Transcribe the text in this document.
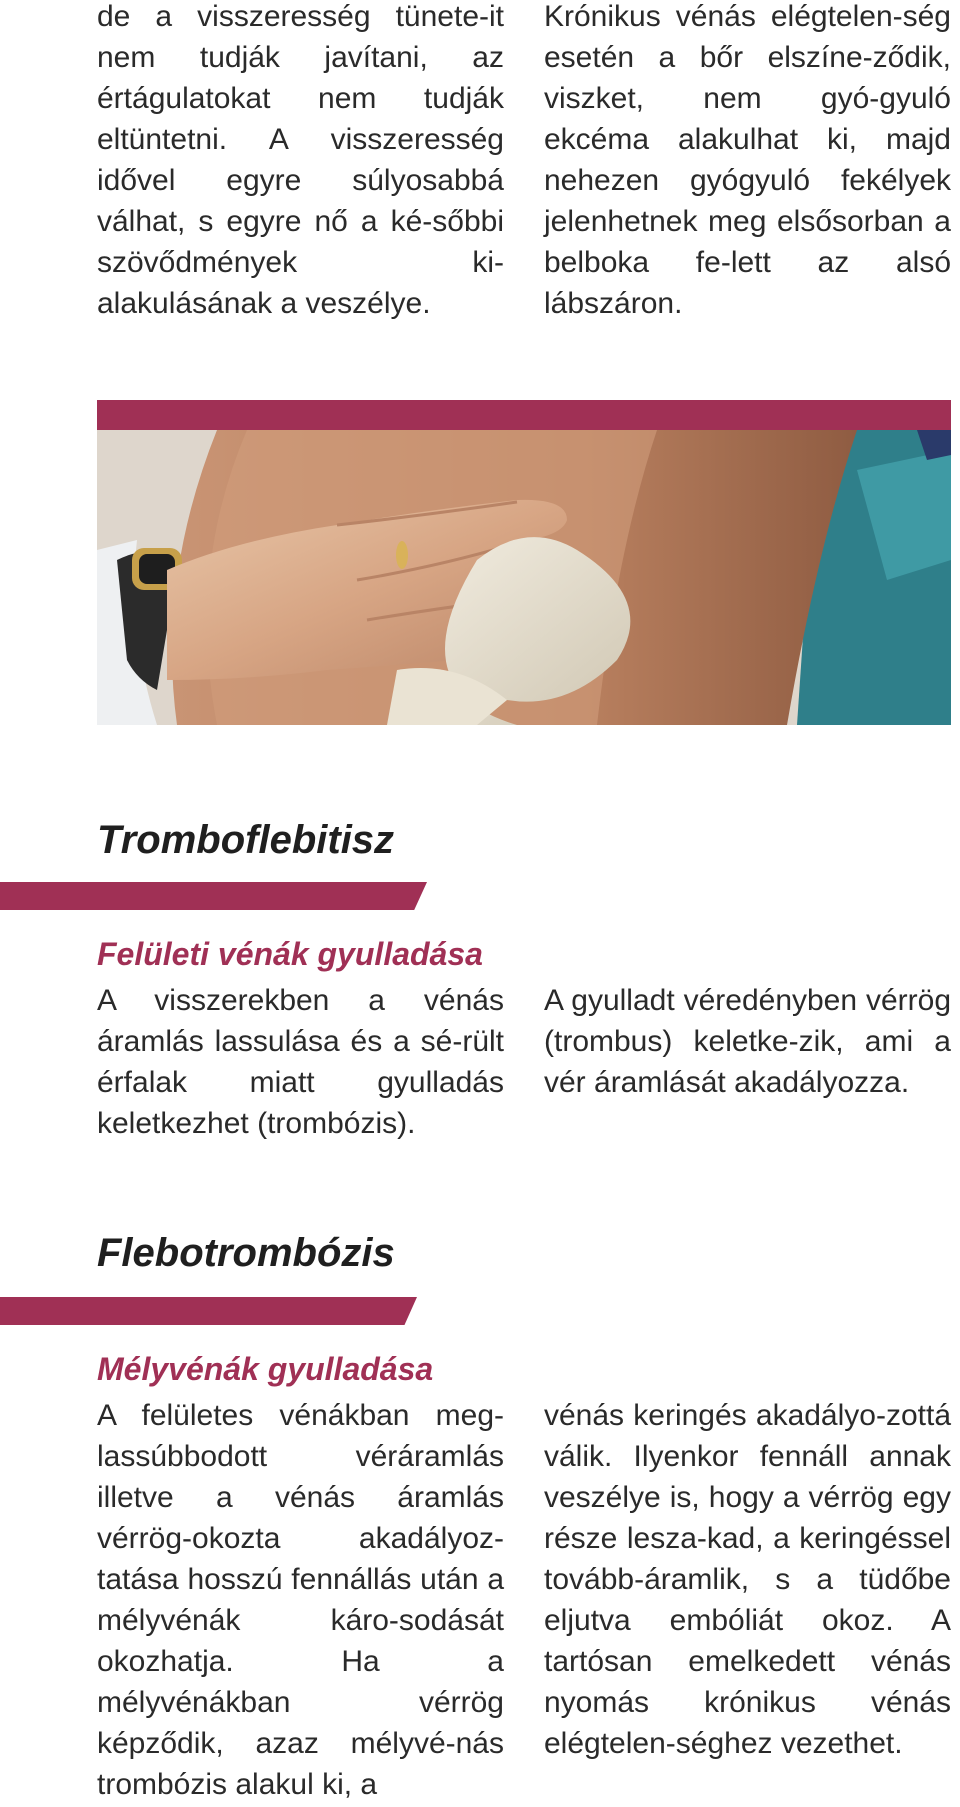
de a visszeresség tünete-it nem tudják javítani, az értágulatokat nem tudják eltüntetni. A visszeresség idővel egyre súlyosabbá válhat, s egyre nő a ké-sőbbi szövődmények ki-alakulásának a veszélye.

Krónikus vénás elégtelen-ség esetén a bőr elszíne-ződik, viszket, nem gyó-gyuló ekcéma alakulhat ki, majd nehezen gyógyuló fekélyek jelenhetnek meg elsősorban a belboka fe-lett az alsó lábszáron.

Tromboflebitisz
Felületi vénák gyulladása

A visszerekben a vénás áramlás lassulása és a sé-rült érfalak miatt gyulladás keletkezhet (trombózis).

A gyulladt véredényben vérrög (trombus) keletke-zik, ami a vér áramlását akadályozza.

Flebotrombózis
Mélyvénák gyulladása

A felületes vénákban meg-lassúbbodott véráramlás illetve a vénás áramlás vérrög-okozta akadályoz-tatása hosszú fennállás után a mélyvénák káro-sodását okozhatja. Ha a mélyvénákban vérrög képződik, azaz mélyvé-nás trombózis alakul ki, a

vénás keringés akadályo-zottá válik. Ilyenkor fennáll annak veszélye is, hogy a vérrög egy része lesza-kad, a keringéssel tovább-áramlik, s a tüdőbe eljutva embóliát okoz. A tartósan emelkedett vénás nyomás krónikus vénás elégtelen-séghez vezethet.
